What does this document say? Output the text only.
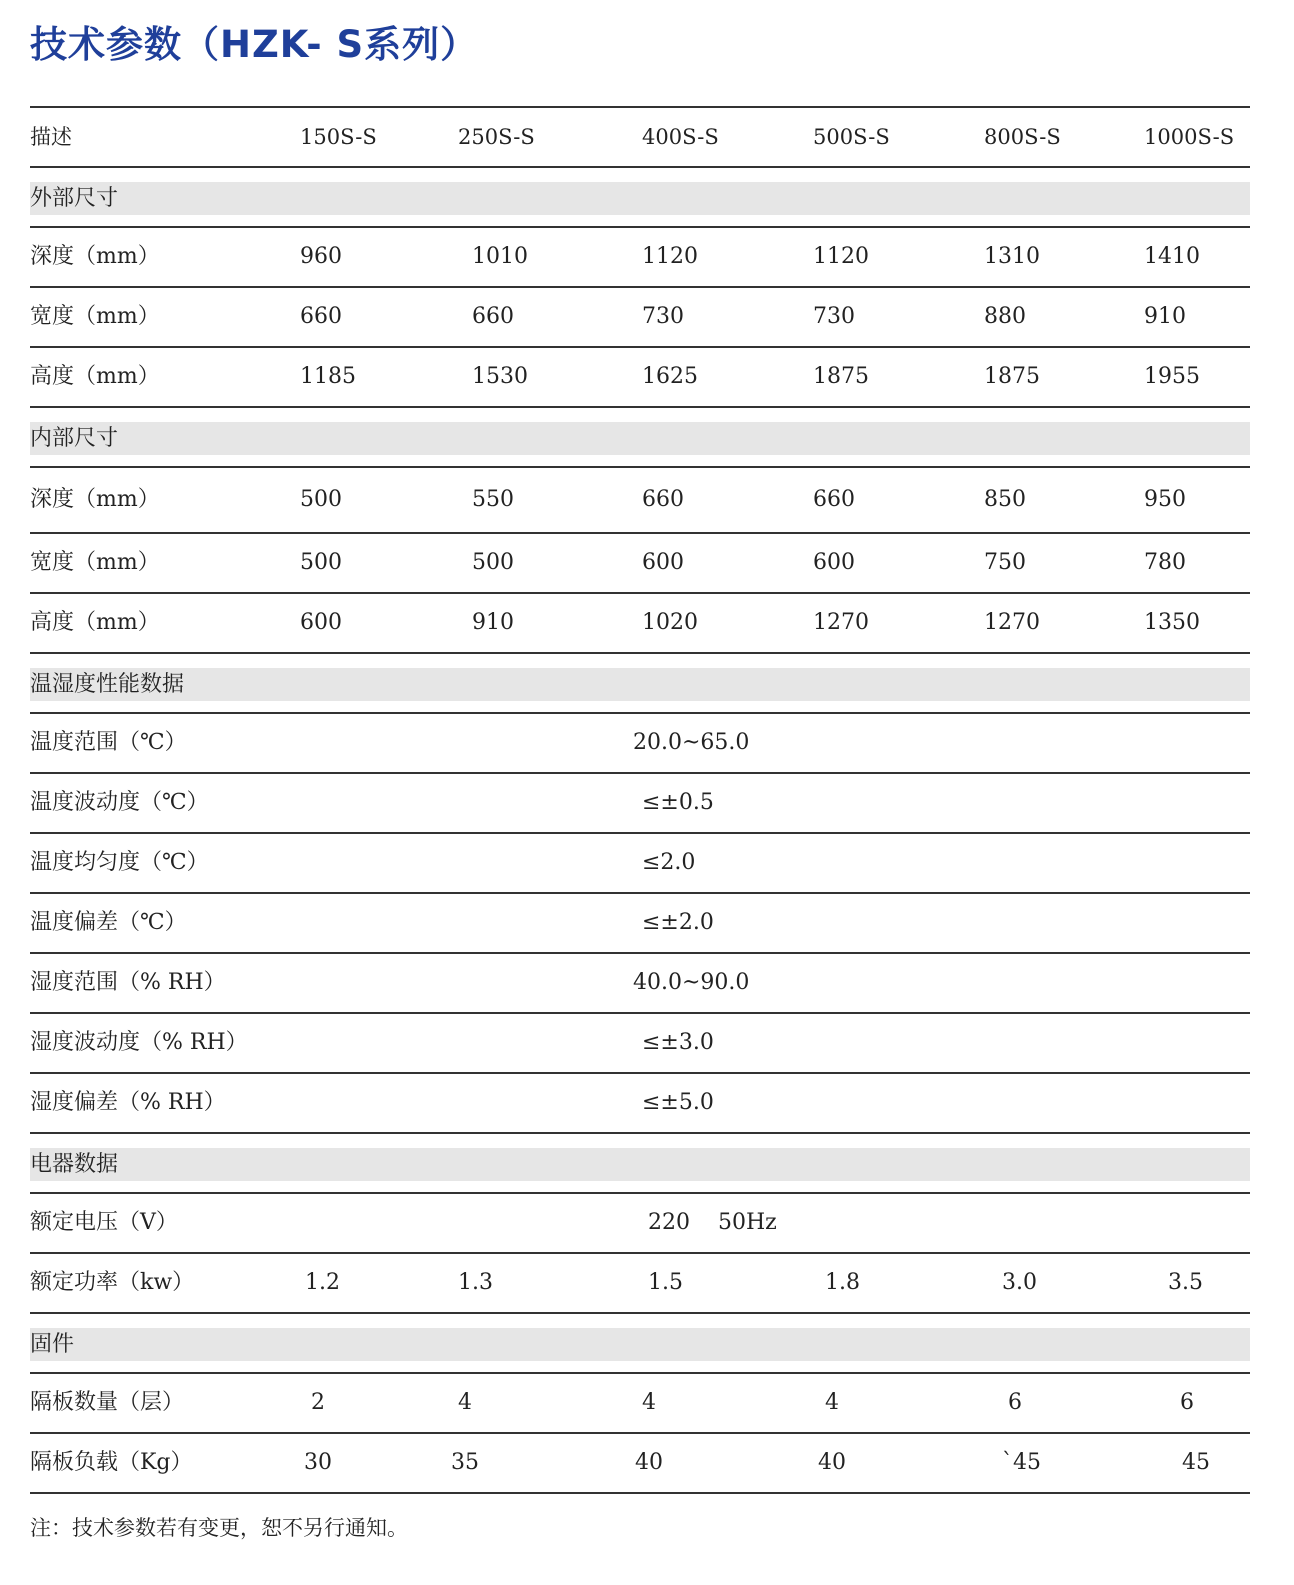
技术参数（HZK- S系列）
描述	150S-S	250S-S	400S-S	500S-S	800S-S	1000S-S
外部尺寸
深度（mm）	960	1010	1120	1120	1310	1410
宽度（mm）	660	660	730	730	880	910
高度（mm）	1185	1530	1625	1875	1875	1955
内部尺寸
深度（mm）	500	550	660	660	850	950
宽度（mm）	500	500	600	600	750	780
高度（mm）	600	910	1020	1270	1270	1350
温湿度性能数据
温度范围（℃）	20.0~65.0
温度波动度（℃）	≤±0.5
温度均匀度（℃）	≤2.0
温度偏差（℃）	≤±2.0
湿度范围（% RH）	40.0~90.0
湿度波动度（% RH）	≤±3.0
湿度偏差（% RH）	≤±5.0
电器数据
额定电压（V）	220    50Hz
额定功率（kw）	1.2	1.3	1.5	1.8	3.0	3.5
固件
隔板数量（层）	2	4	4	4	6	6
隔板负载（Kg）	30	35	40	40	`45	45
注：技术参数若有变更，恕不另行通知。
